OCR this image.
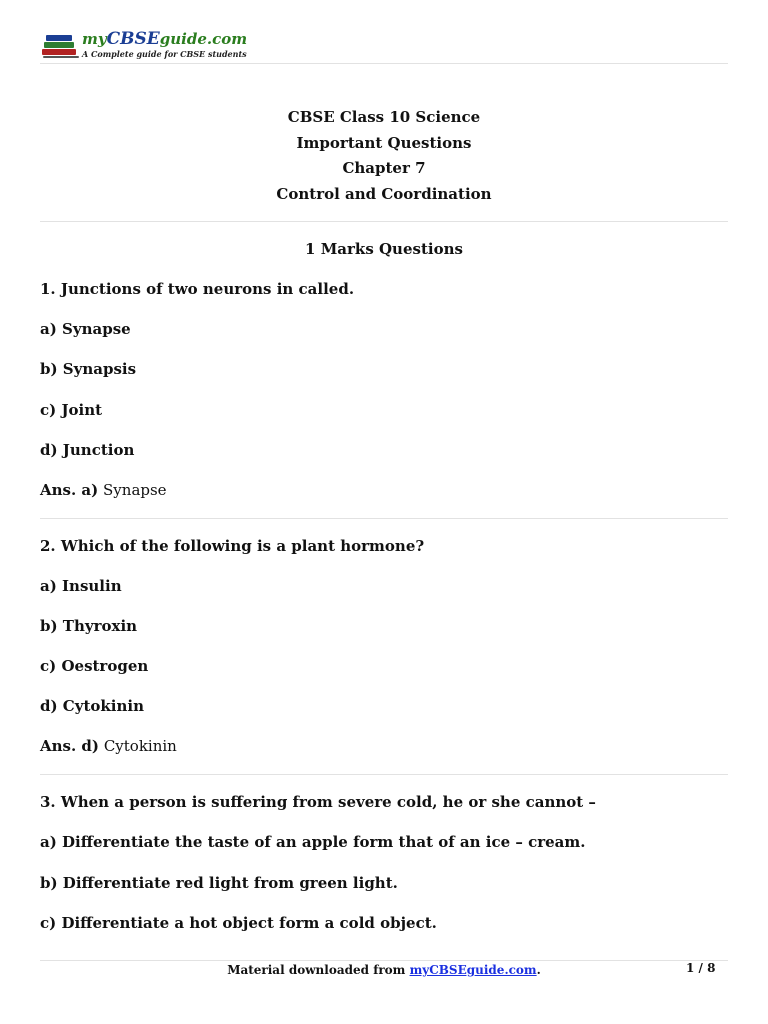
myCBSEguide.com
A Complete guide for CBSE students
CBSE Class 10 Science
Important Questions
Chapter 7
Control and Coordination
1 Marks Questions
1. Junctions of two neurons in called.
a) Synapse
b) Synapsis
c) Joint
d) Junction
Ans. a) Synapse
2. Which of the following is a plant hormone?
a) Insulin
b) Thyroxin
c) Oestrogen
d) Cytokinin
Ans. d) Cytokinin
3. When a person is suffering from severe cold, he or she cannot –
a) Differentiate the taste of an apple form that of an ice – cream.
b) Differentiate red light from green light.
c) Differentiate a hot object form a cold object.
Material downloaded from myCBSEguide.com.	1 / 8
